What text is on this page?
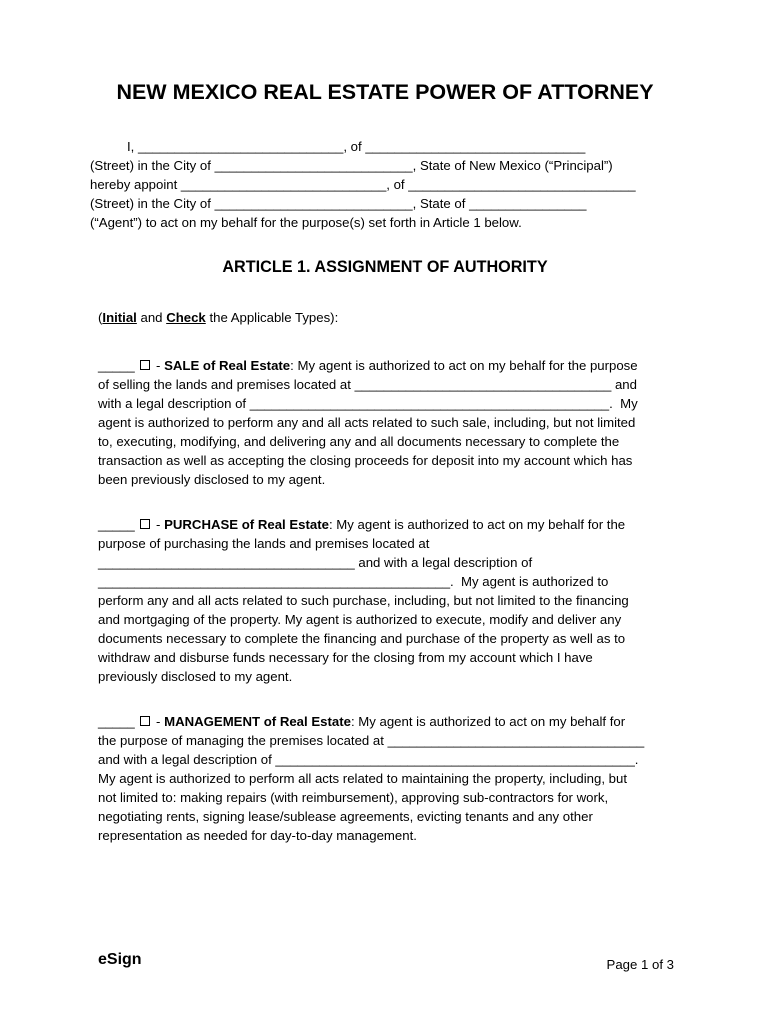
NEW MEXICO REAL ESTATE POWER OF ATTORNEY
I, ____________________________, of ______________________________
(Street) in the City of ___________________________, State of New Mexico (“Principal”)
hereby appoint ____________________________, of _______________________________
(Street) in the City of ___________________________, State of ________________
(“Agent”) to act on my behalf for the purpose(s) set forth in Article 1 below.
ARTICLE 1. ASSIGNMENT OF AUTHORITY
(Initial and Check the Applicable Types):
_____  - SALE of Real Estate: My agent is authorized to act on my behalf for the purpose
of selling the lands and premises located at ___________________________________ and
with a legal description of _________________________________________________.  My
agent is authorized to perform any and all acts related to such sale, including, but not limited
to, executing, modifying, and delivering any and all documents necessary to complete the
transaction as well as accepting the closing proceeds for deposit into my account which has
been previously disclosed to my agent.
_____  - PURCHASE of Real Estate: My agent is authorized to act on my behalf for the
purpose of purchasing the lands and premises located at
___________________________________ and with a legal description of
________________________________________________.  My agent is authorized to
perform any and all acts related to such purchase, including, but not limited to the financing
and mortgaging of the property. My agent is authorized to execute, modify and deliver any
documents necessary to complete the financing and purchase of the property as well as to
withdraw and disburse funds necessary for the closing from my account which I have
previously disclosed to my agent.
_____  - MANAGEMENT of Real Estate: My agent is authorized to act on my behalf for
the purpose of managing the premises located at ___________________________________
and with a legal description of _________________________________________________.
My agent is authorized to perform all acts related to maintaining the property, including, but
not limited to: making repairs (with reimbursement), approving sub-contractors for work,
negotiating rents, signing lease/sublease agreements, evicting tenants and any other
representation as needed for day-to-day management.
eSign	Page 1 of 3
